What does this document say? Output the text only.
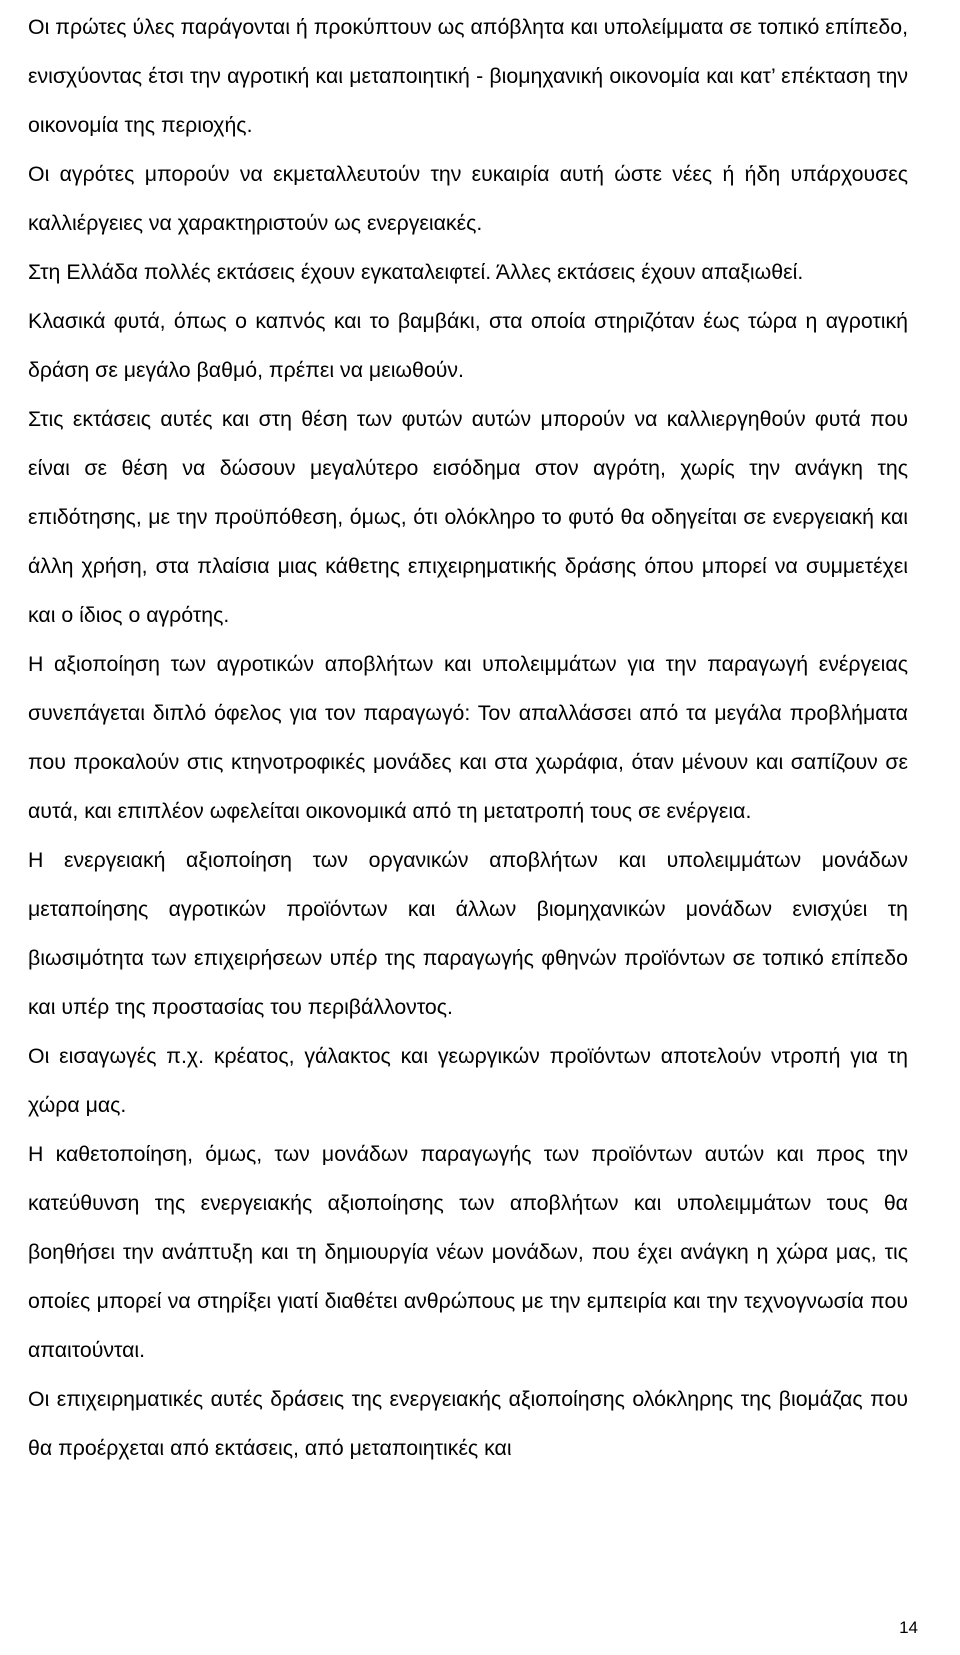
Οι πρώτες ύλες παράγονται ή προκύπτουν ως απόβλητα και υπολείμματα σε τοπικό επίπεδο, ενισχύοντας έτσι την αγροτική και μεταποιητική - βιομηχανική οικονομία και κατ’ επέκταση την οικονομία της περιοχής.

Οι αγρότες μπορούν να εκμεταλλευτούν την ευκαιρία αυτή ώστε νέες ή ήδη υπάρχουσες καλλιέργειες να χαρακτηριστούν ως ενεργειακές.

Στη Ελλάδα πολλές εκτάσεις έχουν εγκαταλειφτεί. Άλλες εκτάσεις έχουν απαξιωθεί.

Κλασικά φυτά, όπως ο καπνός και το βαμβάκι, στα οποία στηριζόταν έως τώρα η αγροτική δράση σε μεγάλο βαθμό, πρέπει να μειωθούν.

Στις εκτάσεις αυτές και στη θέση των φυτών αυτών μπορούν να καλλιεργηθούν φυτά που είναι σε θέση να δώσουν μεγαλύτερο εισόδημα στον αγρότη, χωρίς την ανάγκη της επιδότησης, με την προϋπόθεση, όμως, ότι ολόκληρο το φυτό θα οδηγείται σε ενεργειακή και άλλη χρήση, στα πλαίσια μιας κάθετης επιχειρηματικής δράσης όπου μπορεί να συμμετέχει και ο ίδιος ο αγρότης.

Η αξιοποίηση των αγροτικών αποβλήτων και υπολειμμάτων για την παραγωγή ενέργειας συνεπάγεται διπλό όφελος για τον παραγωγό: Τον απαλλάσσει από τα μεγάλα προβλήματα που προκαλούν στις κτηνοτροφικές μονάδες και στα χωράφια, όταν μένουν και σαπίζουν σε αυτά, και επιπλέον ωφελείται οικονομικά από τη μετατροπή τους σε ενέργεια.

Η ενεργειακή αξιοποίηση των οργανικών αποβλήτων και υπολειμμάτων μονάδων μεταποίησης αγροτικών προϊόντων και άλλων βιομηχανικών μονάδων ενισχύει τη βιωσιμότητα των επιχειρήσεων υπέρ της παραγωγής φθηνών προϊόντων σε τοπικό επίπεδο και υπέρ της προστασίας του περιβάλλοντος.

Οι εισαγωγές π.χ. κρέατος, γάλακτος και γεωργικών προϊόντων αποτελούν ντροπή για τη χώρα μας.

Η καθετοποίηση, όμως, των μονάδων παραγωγής των προϊόντων αυτών και προς την κατεύθυνση της ενεργειακής αξιοποίησης των αποβλήτων και υπολειμμάτων τους θα βοηθήσει την ανάπτυξη και τη δημιουργία νέων μονάδων, που έχει ανάγκη η χώρα μας, τις οποίες μπορεί να στηρίξει γιατί διαθέτει ανθρώπους με την εμπειρία και την τεχνογνωσία που απαιτούνται.

Οι επιχειρηματικές αυτές δράσεις της ενεργειακής αξιοποίησης ολόκληρης της βιομάζας που θα προέρχεται από εκτάσεις, από μεταποιητικές και

14
